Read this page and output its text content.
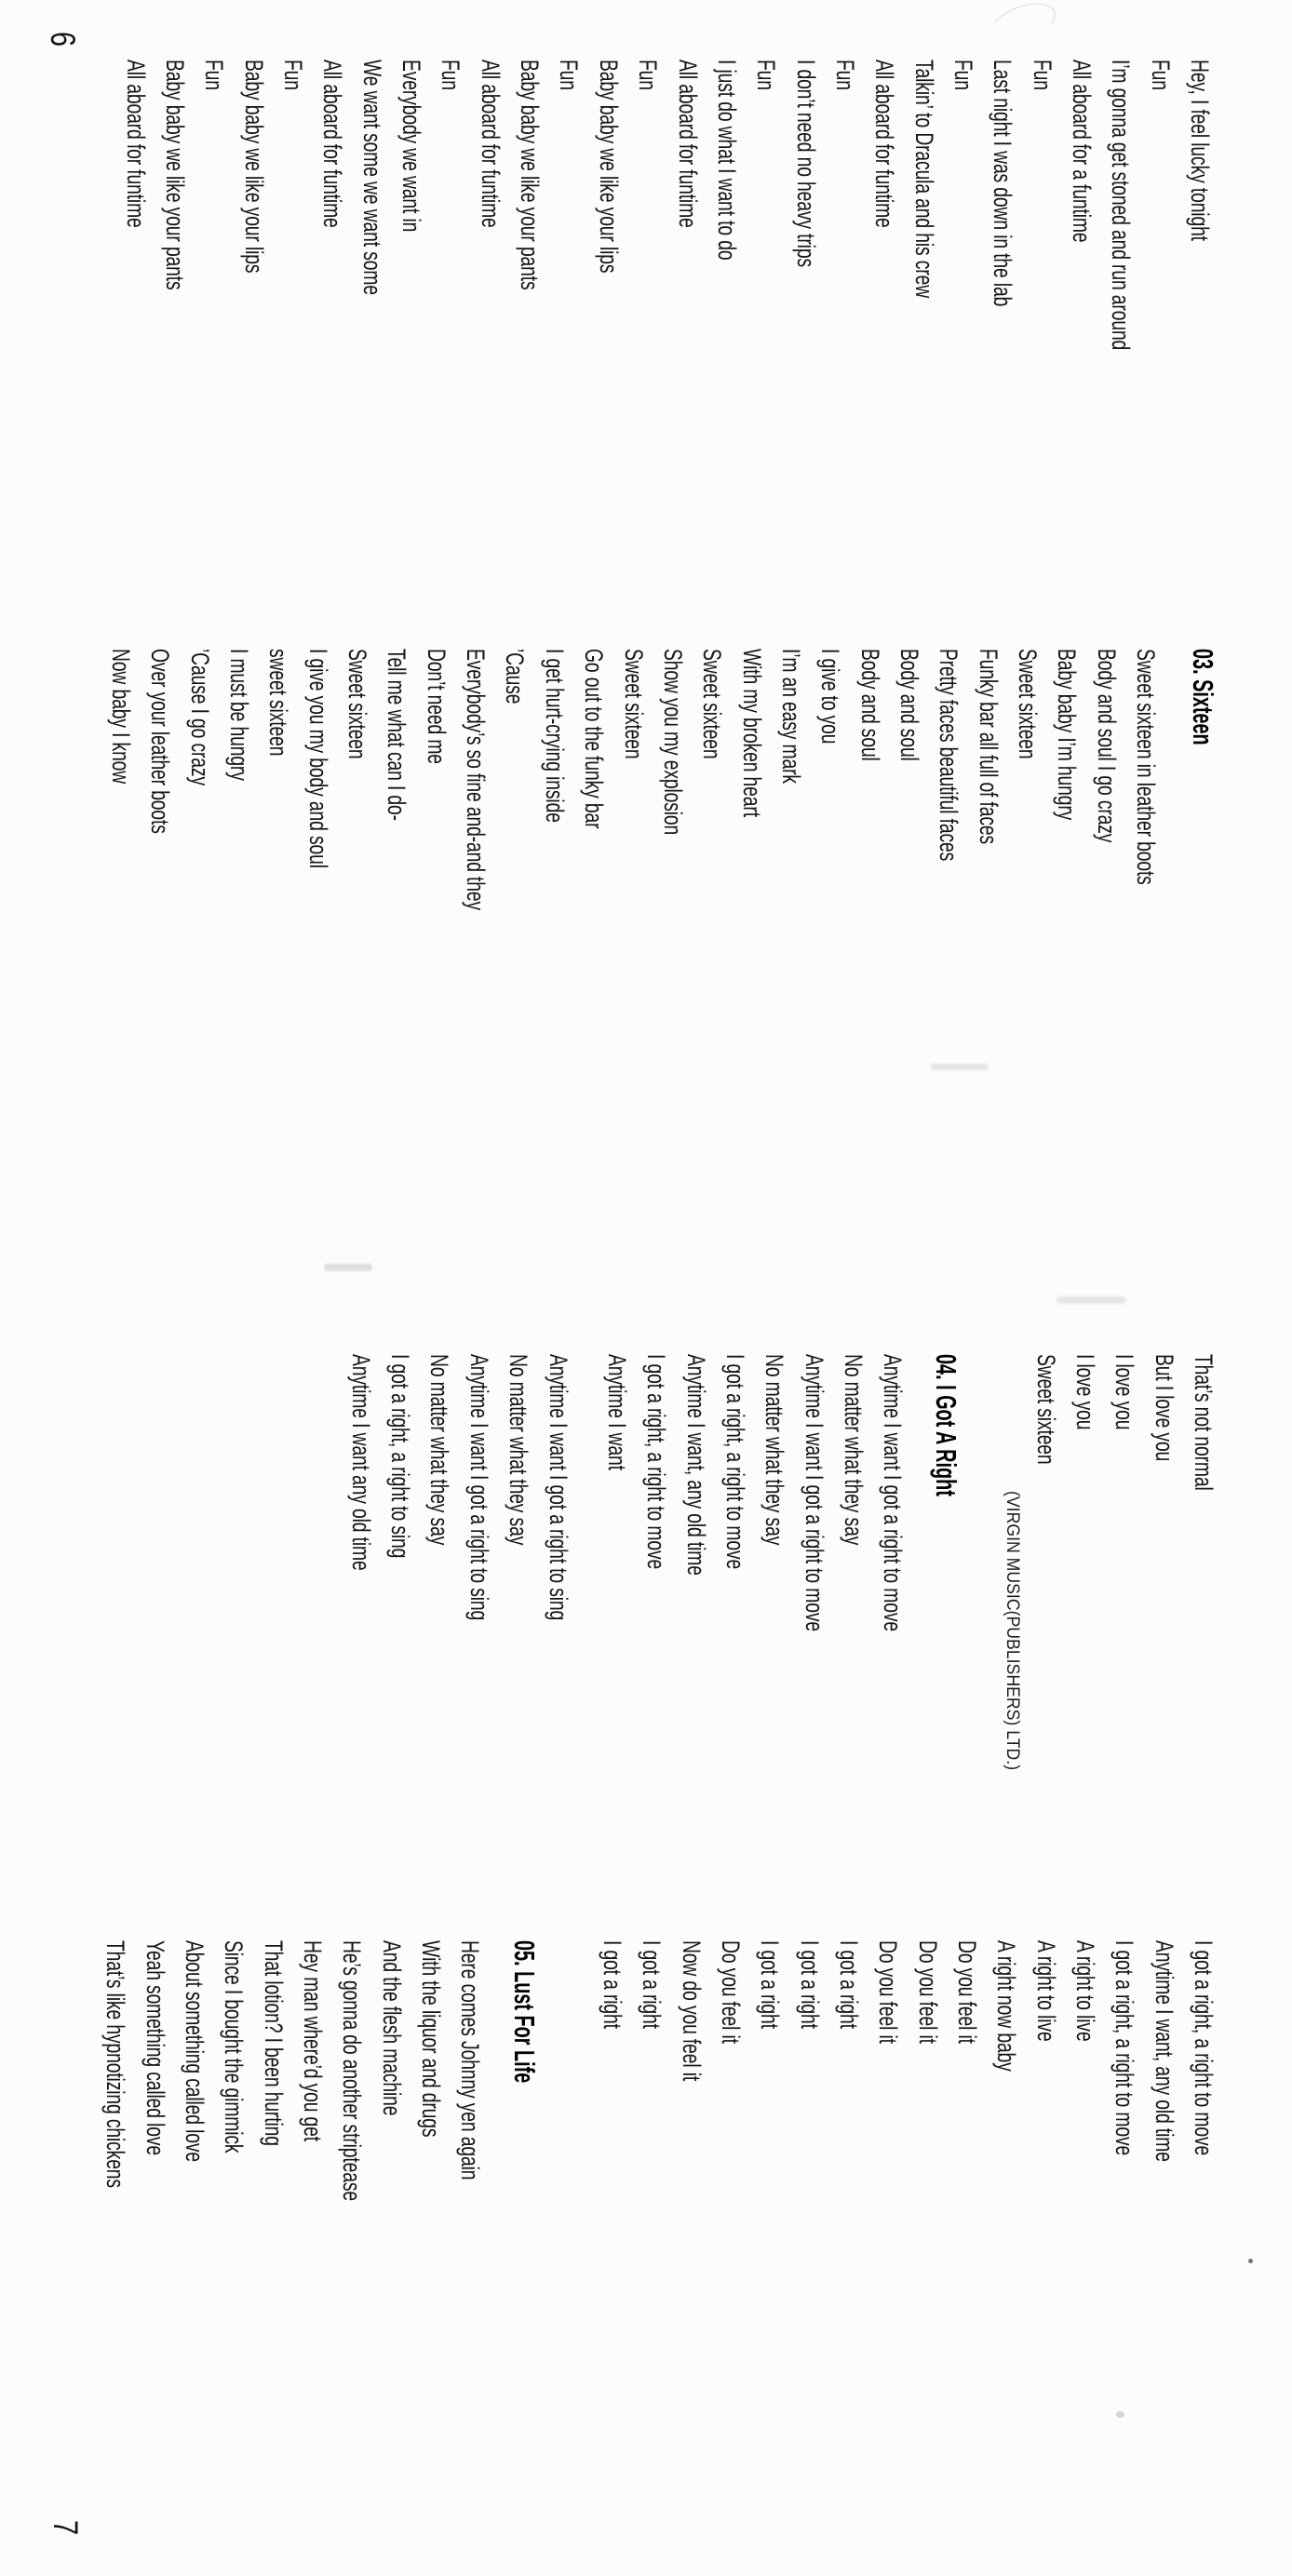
6
7
Hey, I feel lucky tonight
Fun
I’m gonna get stoned and run around
All aboard for a funtime
Fun
Last night I was down in the lab
Fun
Talkin’ to Dracula and his crew
All aboard for funtime
Fun
I don’t need no heavy trips
Fun
I just do what I want to do
All aboard for funtime
Fun
Baby baby we like your lips
Fun
Baby baby we like your pants
All aboard for funtime
Fun
Everybody we want in
We want some we want some
All aboard for funtime
Fun
Baby baby we like your lips
Fun
Baby baby we like your pants
All aboard for funtime
03. Sixteen
Sweet sixteen in leather boots
Body and soul I go crazy
Baby baby I’m hungry
Sweet sixteen
Funky bar all full of faces
Pretty faces beautiful faces
Body and soul
Body and soul
I give to you
I’m an easy mark
With my broken heart
Sweet sixteen
Show you my explosion
Sweet sixteen
Go out to the funky bar
I get hurt-crying inside
’Cause
Everybody’s so fine and-and they
Don’t need me
Tell me what can I do-
Sweet sixteen
I give you my body and soul
sweet sixteen
I must be hungry
’Cause I go crazy
Over your leather boots
Now baby I know
That’s not normal
But I love you
I love you
I love you
Sweet sixteen
(VIRGIN MUSIC(PUBLISHERS) LTD.)
04. I Got A Right
Anytime I want I got a right to move
No matter what they say
Anytime I want I got a right to move
No matter what they say
I got a right, a right to move
Anytime I want, any old time
I got a right, a right to move
Anytime I want
Anytime I want I got a right to sing
No matter what they say
Anytime I want I got a right to sing
No matter what they say
I got a right, a right to sing
Anytime I want any old time
I got a right, a right to move
Anytime I want, any old time
I got a right, a right to move
A right to live
A right to live
A right now baby
Do you feel it
Do you feel it
Do you feel it
I got a right
I got a right
I got a right
Do you feel it
Now do you feel it
I got a right
I got a right
05. Lust For Life
Here comes Johnny yen again
With the liquor and drugs
And the flesh machine
He’s gonna do another striptease
Hey man where’d you get
That lotion? I been hurting
Since I bought the gimmick
About something called love
Yeah something called love
That’s like hypnotizing chickens
